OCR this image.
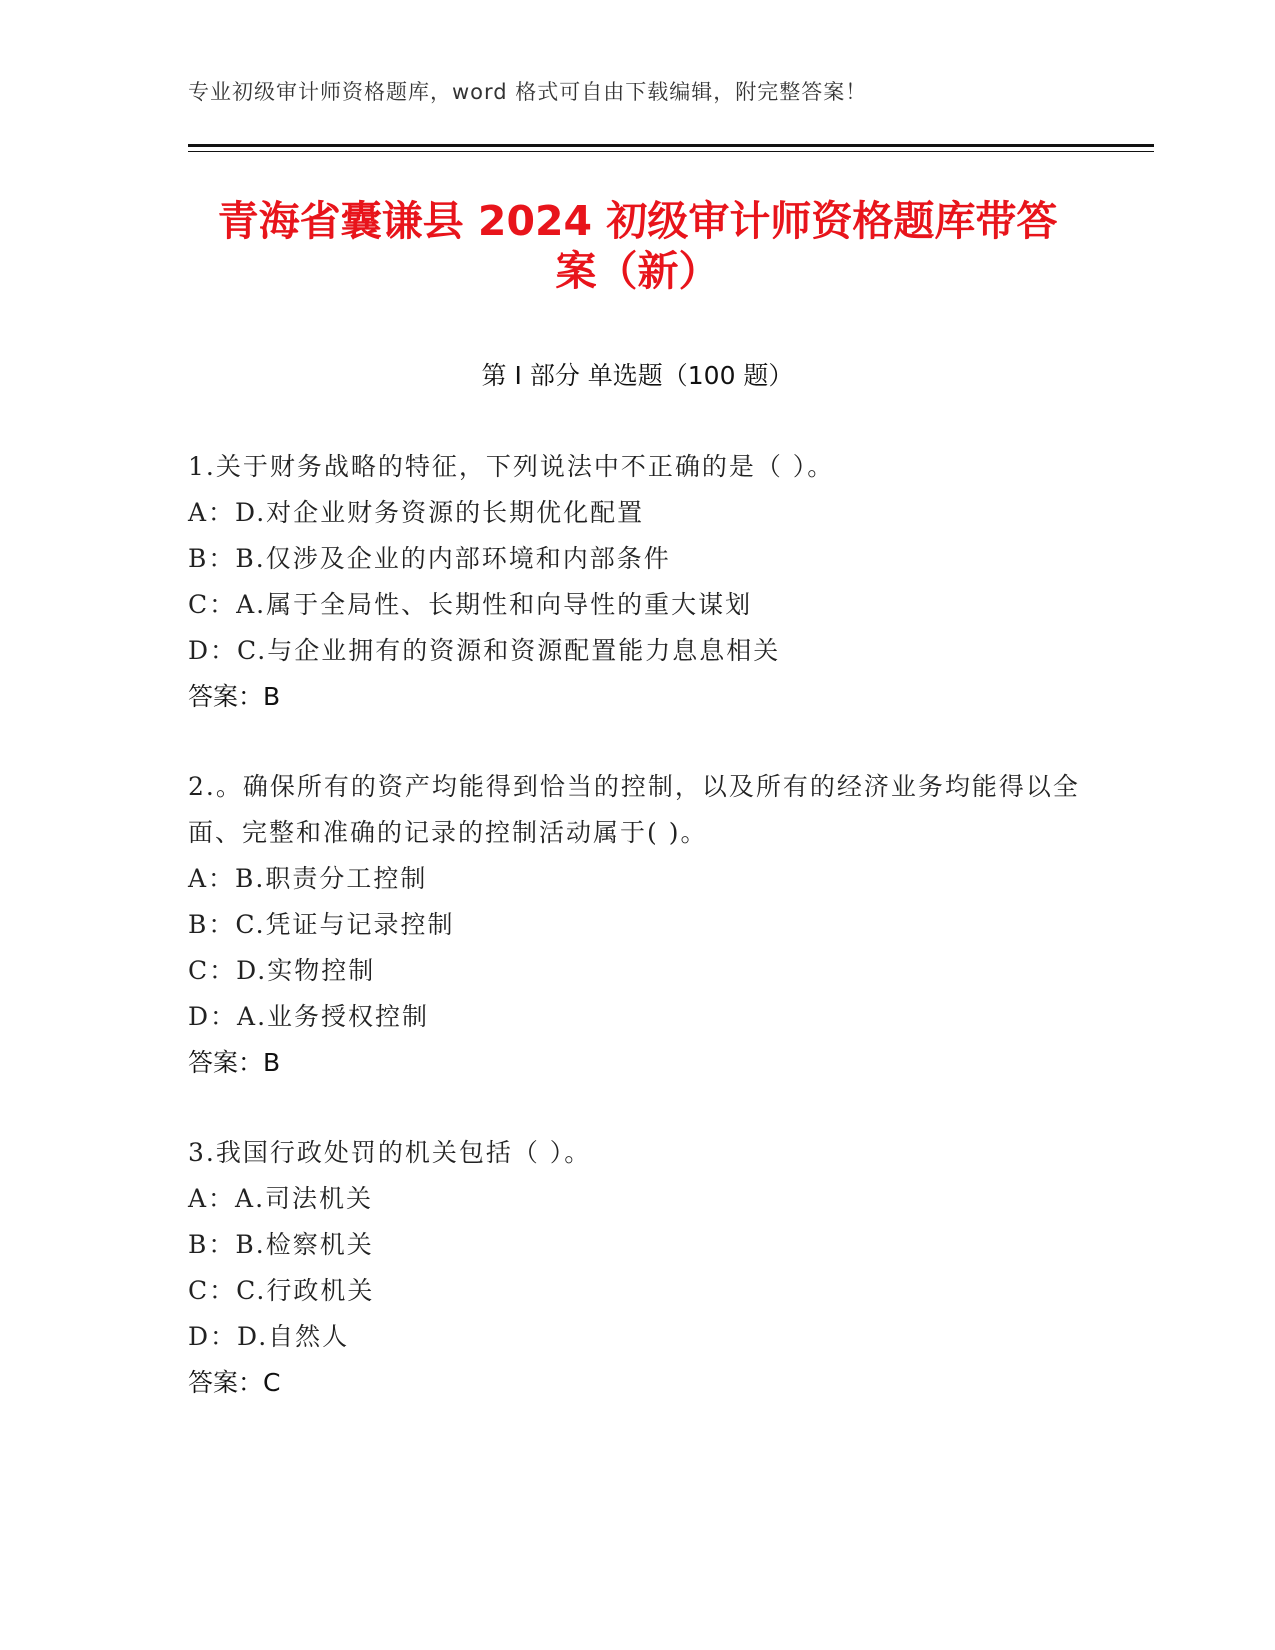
专业初级审计师资格题库，word 格式可自由下载编辑，附完整答案！
青海省囊谦县 2024 初级审计师资格题库带答
案（新）
第 I 部分 单选题（100 题）
1.关于财务战略的特征，下列说法中不正确的是（ ）。
A：D.对企业财务资源的长期优化配置
B：B.仅涉及企业的内部环境和内部条件
C：A.属于全局性、长期性和向导性的重大谋划
D：C.与企业拥有的资源和资源配置能力息息相关
答案：B
2.。确保所有的资产均能得到恰当的控制，以及所有的经济业务均能得以全面、完整和准确的记录的控制活动属于( )。
A：B.职责分工控制
B：C.凭证与记录控制
C：D.实物控制
D：A.业务授权控制
答案：B
3.我国行政处罚的机关包括（ ）。
A：A.司法机关
B：B.检察机关
C：C.行政机关
D：D.自然人
答案：C
